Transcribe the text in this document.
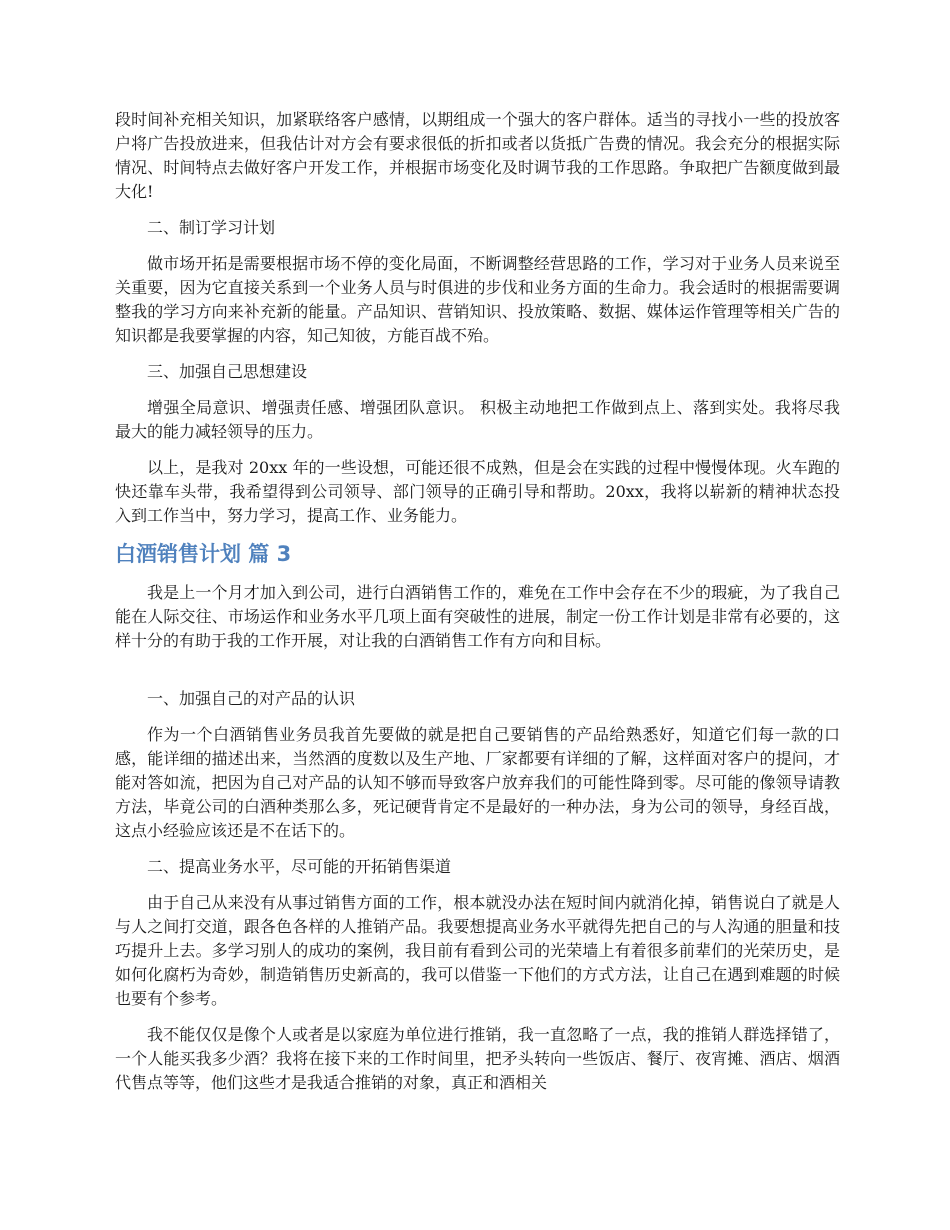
段时间补充相关知识，加紧联络客户感情，以期组成一个强大的客户群体。适当的寻找小一些的投放客户将广告投放进来，但我估计对方会有要求很低的折扣或者以货抵广告费的情况。我会充分的根据实际情况、时间特点去做好客户开发工作，并根据市场变化及时调节我的工作思路。争取把广告额度做到最大化!

二、制订学习计划

做市场开拓是需要根据市场不停的变化局面，不断调整经营思路的工作，学习对于业务人员来说至关重要，因为它直接关系到一个业务人员与时俱进的步伐和业务方面的生命力。我会适时的根据需要调整我的学习方向来补充新的能量。产品知识、营销知识、投放策略、数据、媒体运作管理等相关广告的知识都是我要掌握的内容，知己知彼，方能百战不殆。

三、加强自己思想建设

增强全局意识、增强责任感、增强团队意识。 积极主动地把工作做到点上、落到实处。我将尽我最大的能力减轻领导的压力。

以上，是我对 20xx 年的一些设想，可能还很不成熟，但是会在实践的过程中慢慢体现。火车跑的快还靠车头带，我希望得到公司领导、部门领导的正确引导和帮助。20xx，我将以崭新的精神状态投入到工作当中，努力学习，提高工作、业务能力。

白酒销售计划 篇 3

我是上一个月才加入到公司，进行白酒销售工作的，难免在工作中会存在不少的瑕疵，为了我自己能在人际交往、市场运作和业务水平几项上面有突破性的进展，制定一份工作计划是非常有必要的，这样十分的有助于我的工作开展，对让我的白酒销售工作有方向和目标。

一、加强自己的对产品的认识

作为一个白酒销售业务员我首先要做的就是把自己要销售的产品给熟悉好，知道它们每一款的口感，能详细的描述出来，当然酒的度数以及生产地、厂家都要有详细的了解，这样面对客户的提问，才能对答如流，把因为自己对产品的认知不够而导致客户放弃我们的可能性降到零。尽可能的像领导请教方法，毕竟公司的白酒种类那么多，死记硬背肯定不是最好的一种办法，身为公司的领导，身经百战，这点小经验应该还是不在话下的。

二、提高业务水平，尽可能的开拓销售渠道

由于自己从来没有从事过销售方面的工作，根本就没办法在短时间内就消化掉，销售说白了就是人与人之间打交道，跟各色各样的人推销产品。我要想提高业务水平就得先把自己的与人沟通的胆量和技巧提升上去。多学习别人的成功的案例，我目前有看到公司的光荣墙上有着很多前辈们的光荣历史，是如何化腐朽为奇妙，制造销售历史新高的，我可以借鉴一下他们的方式方法，让自己在遇到难题的时候也要有个参考。

我不能仅仅是像个人或者是以家庭为单位进行推销，我一直忽略了一点，我的推销人群选择错了，一个人能买我多少酒？我将在接下来的工作时间里，把矛头转向一些饭店、餐厅、夜宵摊、酒店、烟酒代售点等等，他们这些才是我适合推销的对象，真正和酒相关
